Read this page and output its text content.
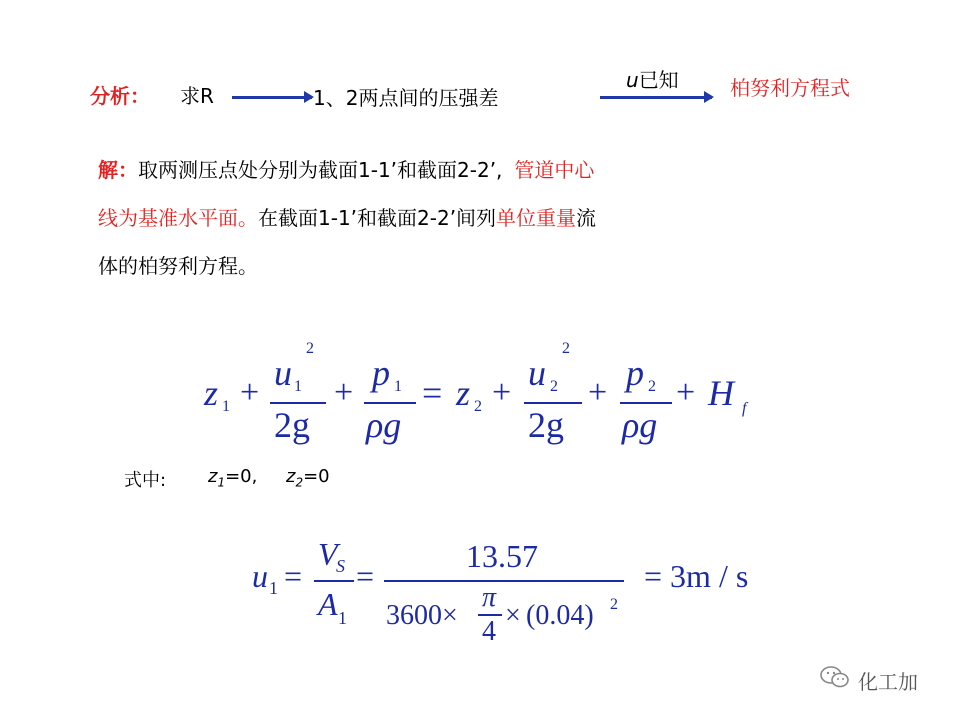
分析： 求R	1、2两点间的压强差
u已知	柏努利方程式
解：取两测压点处分别为截面1-1’和截面2-2’, 管道中心
线为基准水平面。在截面1-1’和截面2-2’间列单位重量流
体的柏努利方程。
z 1 + u 1
2
2g
+ p 1
ρg
= z 2 + u 2
2
2g
+ p 2
ρg
+ H f
式中: $z_1=0$, $z_2=0$
u 1 =
V
S
A 1
=
13.57
3600×
π
4
× (0.04) 2
= 3m / s
化工加
